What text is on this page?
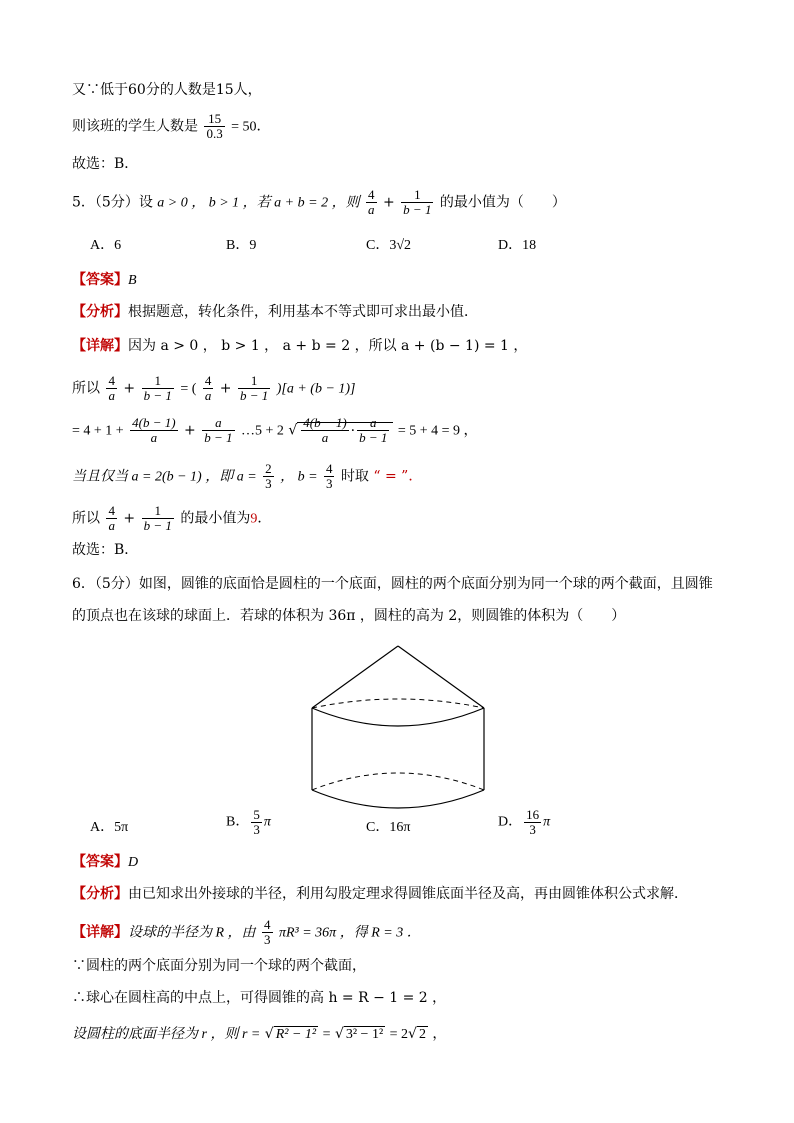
又∵低于60分的人数是15人，
则该班的学生人数是 $\frac{15}{0.3} = 50$．
故选：B．
5．（5分）设 a > 0 ， b > 1 ，若 a + b = 2 ，则 $\frac{4}{a} + \frac{1}{b - 1}$ 的最小值为（　　）
A．6	B．9	C．3√2	D．18
【答案】B
【分析】根据题意，转化条件，利用基本不等式即可求出最小值．
【详解】因为 a > 0 ， b > 1 ， a + b = 2 ，所以 a + (b − 1) = 1 ，
所以 $\frac{4}{a} + \frac{1}{b - 1}$ = ( $\frac{4}{a} + \frac{1}{b - 1} )[a + (b - 1)]$
= $4 + 1 + \frac{4(b - 1)}{a} + \frac{a}{b - 1}$ …5 + 2 √ $\frac{4(b - 1)}{a} \cdot \frac{a}{b - 1} = 5 + 4 = 9$ ，
当且仅当 a = 2(b − 1) ，即 $a = \frac{2}{3}$ ， $b = \frac{4}{3}$ 时取 “ = ”．
所以 $\frac{4}{a} + \frac{1}{b - 1}$ 的最小值为9．
故选：B．
6．（5分）如图，圆锥的底面恰是圆柱的一个底面，圆柱的两个底面分别为同一个球的两个截面，且圆锥
的顶点也在该球的球面上．若球的体积为 36π ，圆柱的高为 2，则圆锥的体积为（　　）
A．5π	B． $\frac{5}{3}$ π	C．16π	D． $\frac{16}{3}$ π
【答案】D
【分析】由已知求出外接球的半径，利用勾股定理求得圆锥底面半径及高，再由圆锥体积公式求解．
【详解】设球的半径为 R ，由 $\frac{4}{3} \pi R^3 = 36\pi$ ，得 R = 3 ．
∵圆柱的两个底面分别为同一个球的两个截面，
∴球心在圆柱高的中点上，可得圆锥的高 h = R − 1 = 2 ，
设圆柱的底面半径为 r ，则 r = √ R² − 1² = √ 3² − 1² = 2√ 2 ，
